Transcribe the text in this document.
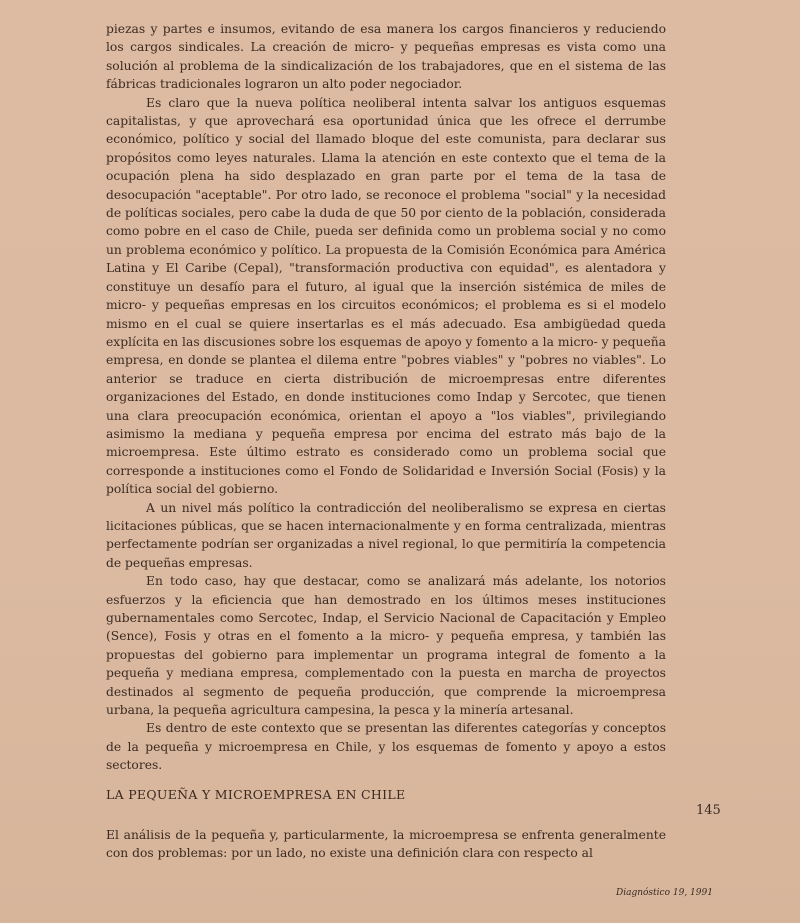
piezas y partes e insumos, evitando de esa manera los cargos financieros y reduciendo los cargos sindicales. La creación de micro- y pequeñas empresas es vista como una solución al problema de la sindicalización de los trabajadores, que en el sistema de las fábricas tradicionales lograron un alto poder negociador.

Es claro que la nueva política neoliberal intenta salvar los antiguos esquemas capitalistas, y que aprovechará esa oportunidad única que les ofrece el derrumbe económico, político y social del llamado bloque del este comunista, para declarar sus propósitos como leyes naturales. Llama la atención en este contexto que el tema de la ocupación plena ha sido desplazado en gran parte por el tema de la tasa de desocupación "aceptable". Por otro lado, se reconoce el problema "social" y la necesidad de políticas sociales, pero cabe la duda de que 50 por ciento de la población, considerada como pobre en el caso de Chile, pueda ser definida como un problema social y no como un problema económico y político. La propuesta de la Comisión Económica para América Latina y El Caribe (Cepal), "transformación productiva con equidad", es alentadora y constituye un desafío para el futuro, al igual que la inserción sistémica de miles de micro- y pequeñas empresas en los circuitos económicos; el problema es si el modelo mismo en el cual se quiere insertarlas es el más adecuado. Esa ambigüedad queda explícita en las discusiones sobre los esquemas de apoyo y fomento a la micro- y pequeña empresa, en donde se plantea el dilema entre "pobres viables" y "pobres no viables". Lo anterior se traduce en cierta distribución de microempresas entre diferentes organizaciones del Estado, en donde instituciones como Indap y Sercotec, que tienen una clara preocupación económica, orientan el apoyo a "los viables", privilegiando asimismo la mediana y pequeña empresa por encima del estrato más bajo de la microempresa. Este último estrato es considerado como un problema social que corresponde a instituciones como el Fondo de Solidaridad e Inversión Social (Fosis) y la política social del gobierno.

A un nivel más político la contradicción del neoliberalismo se expresa en ciertas licitaciones públicas, que se hacen internacionalmente y en forma centralizada, mientras perfectamente podrían ser organizadas a nivel regional, lo que permitiría la competencia de pequeñas empresas.

En todo caso, hay que destacar, como se analizará más adelante, los notorios esfuerzos y la eficiencia que han demostrado en los últimos meses instituciones gubernamentales como Sercotec, Indap, el Servicio Nacional de Capacitación y Empleo (Sence), Fosis y otras en el fomento a la micro- y pequeña empresa, y también las propuestas del gobierno para implementar un programa integral de fomento a la pequeña y mediana empresa, complementado con la puesta en marcha de proyectos destinados al segmento de pequeña producción, que comprende la microempresa urbana, la pequeña agricultura campesina, la pesca y la minería artesanal.

Es dentro de este contexto que se presentan las diferentes categorías y conceptos de la pequeña y microempresa en Chile, y los esquemas de fomento y apoyo a estos sectores.

LA PEQUEÑA Y MICROEMPRESA EN CHILE
145

El análisis de la pequeña y, particularmente, la microempresa se enfrenta generalmente con dos problemas: por un lado, no existe una definición clara con respecto al

Diagnóstico 19, 1991
